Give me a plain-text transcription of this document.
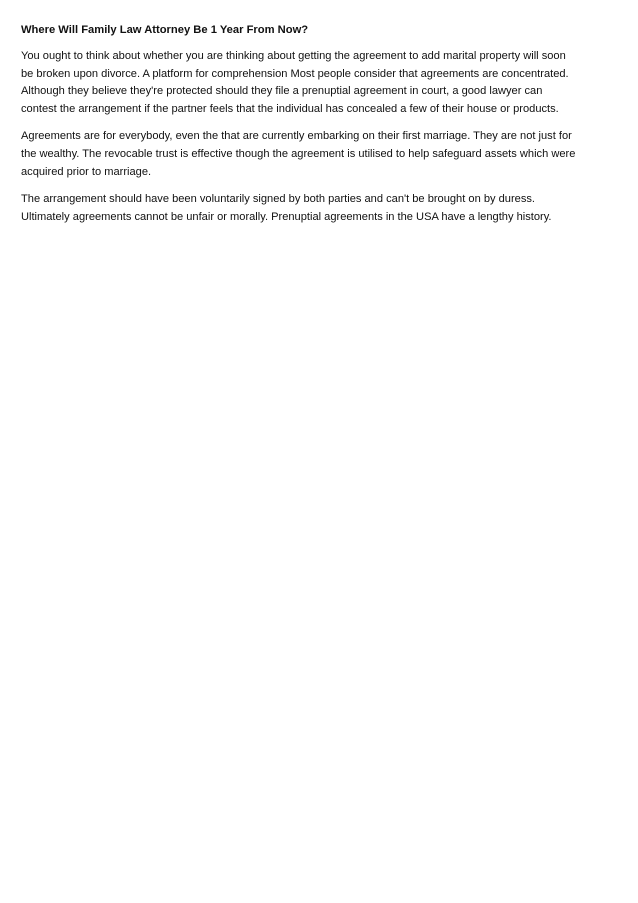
Where Will Family Law Attorney Be 1 Year From Now?
You ought to think about whether you are thinking about getting the agreement to add marital property will soon
be broken upon divorce. A platform for comprehension Most people consider that agreements are concentrated.
Although they believe they're protected should they file a prenuptial agreement in court, a good lawyer can
contest the arrangement if the partner feels that the individual has concealed a few of their house or products.
Agreements are for everybody, even the that are currently embarking on their first marriage. They are not just for
the wealthy. The revocable trust is effective though the agreement is utilised to help safeguard assets which were
acquired prior to marriage.
The arrangement should have been voluntarily signed by both parties and can't be brought on by duress.
Ultimately agreements cannot be unfair or morally. Prenuptial agreements in the USA have a lengthy history.
